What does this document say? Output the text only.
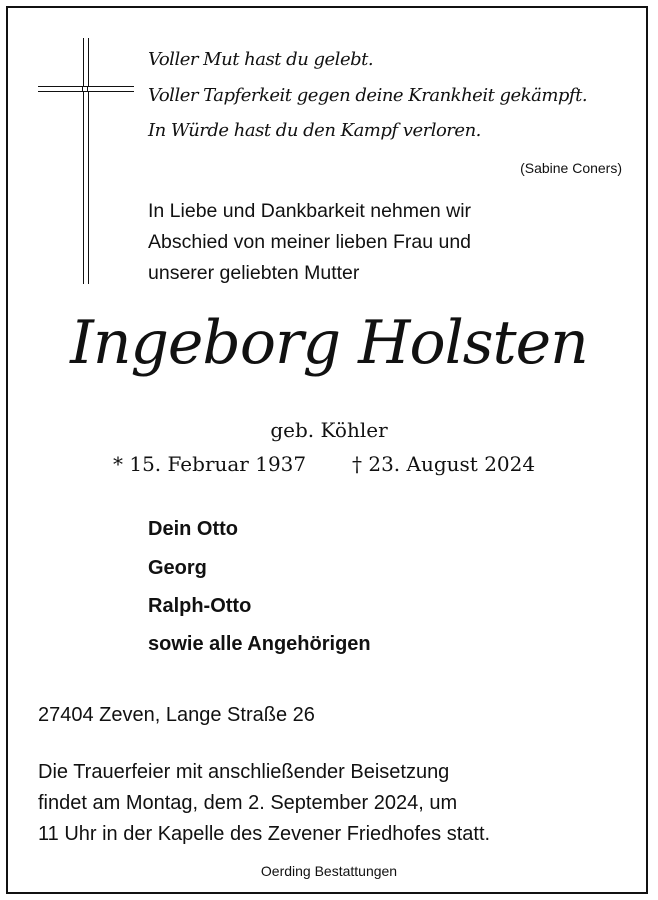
Voller Mut hast du gelebt.
Voller Tapferkeit gegen deine Krankheit gekämpft.
In Würde hast du den Kampf verloren.
(Sabine Coners)
In Liebe und Dankbarkeit nehmen wir
Abschied von meiner lieben Frau und
unserer geliebten Mutter
Ingeborg Holsten
geb. Köhler
* 15. Februar 1937 † 23. August 2024
Dein Otto
Georg
Ralph-Otto
sowie alle Angehörigen
27404 Zeven, Lange Straße 26
Die Trauerfeier mit anschließender Beisetzung
findet am Montag, dem 2. September 2024, um
11 Uhr in der Kapelle des Zevener Friedhofes statt.
Oerding Bestattungen
